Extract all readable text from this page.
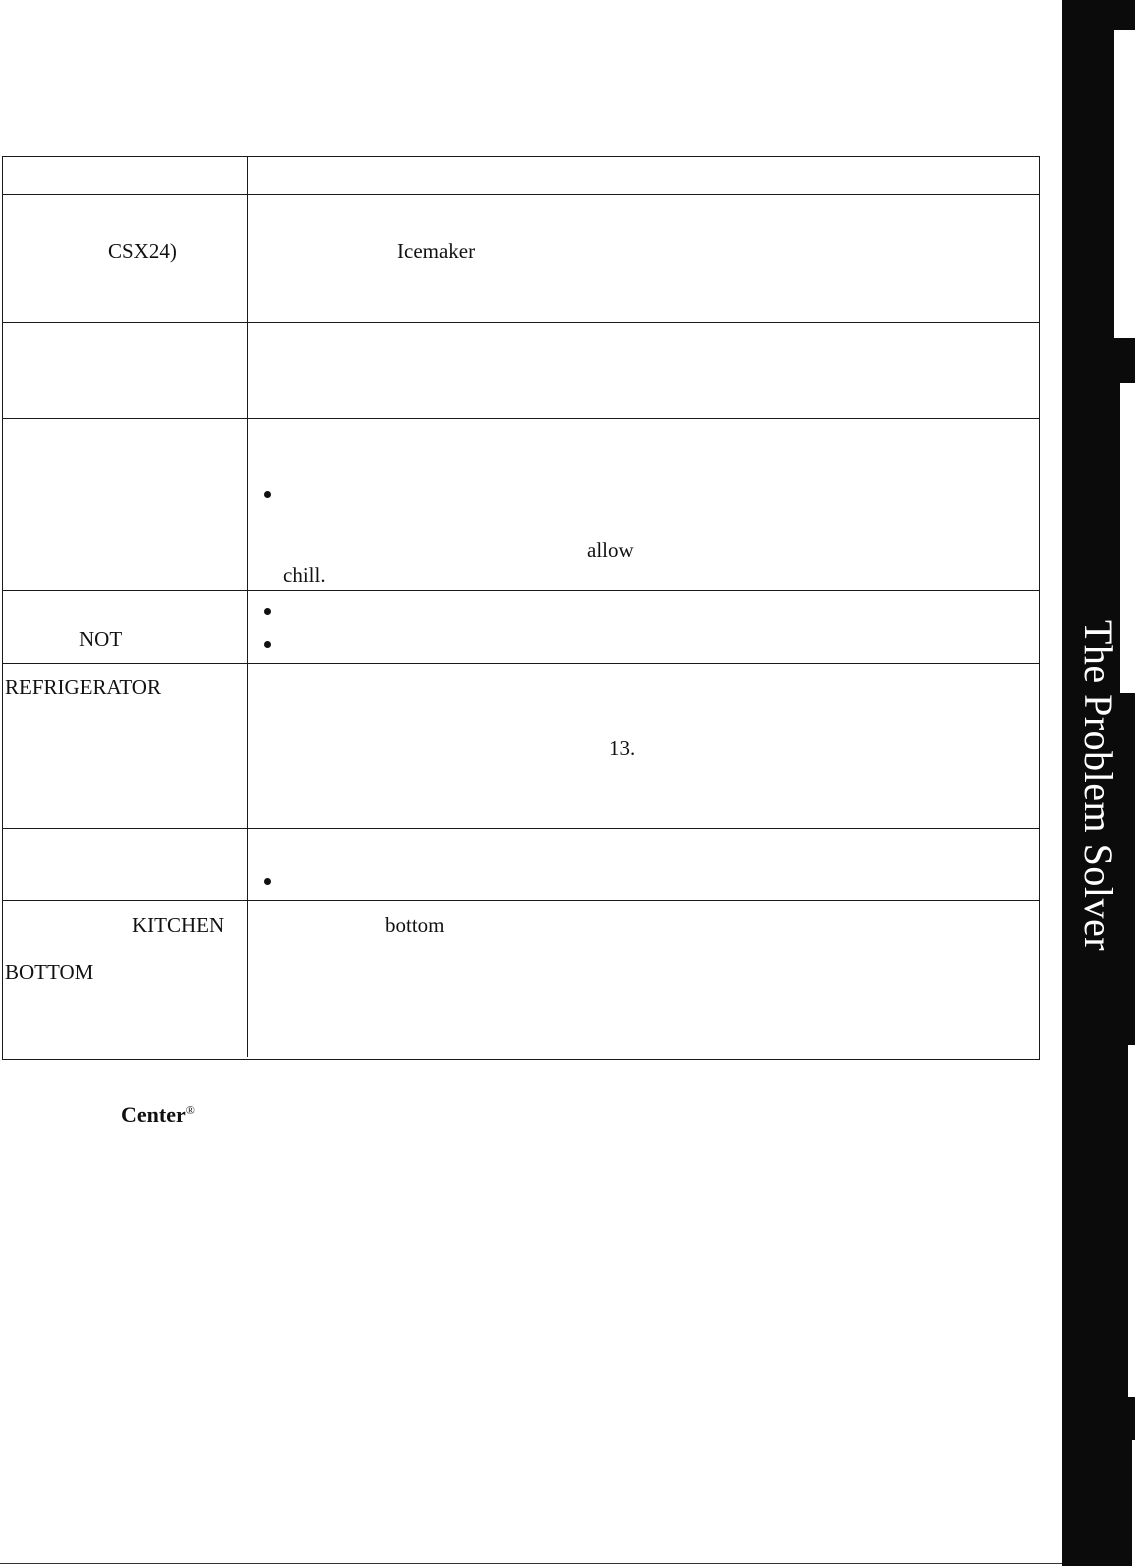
CSX24)	Icemaker
allow
chill.
NOT
REFRIGERATOR
13.
KITCHEN	bottom
BOTTOM
Center®
The Problem Solver
